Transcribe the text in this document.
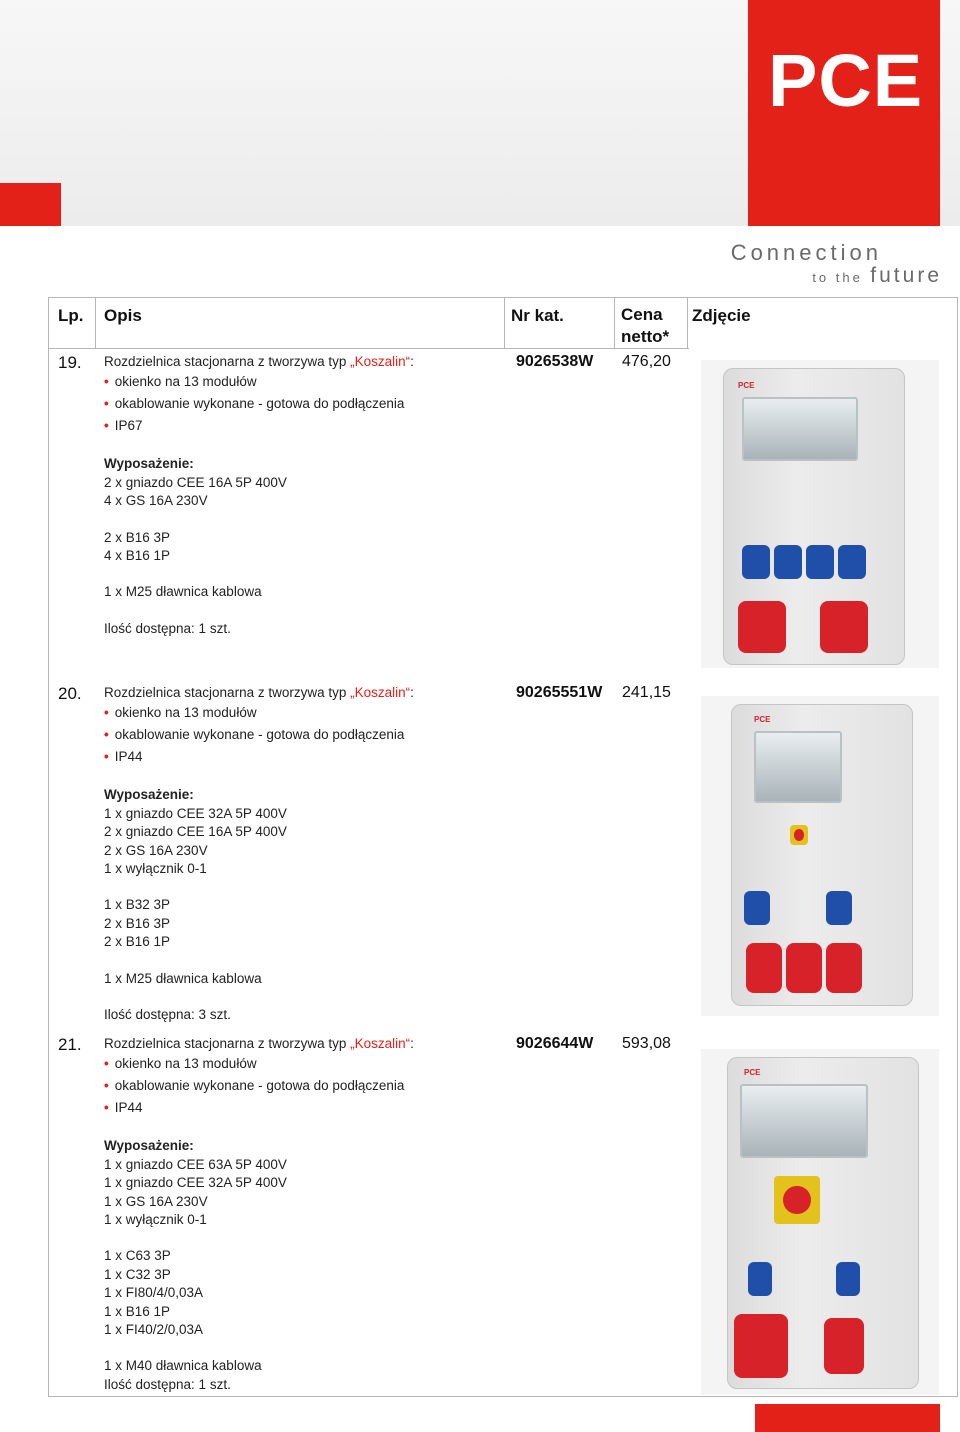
PCE
Connection
to the future
Lp. Opis	Nr kat.	Cena
netto*
Zdjęcie
19. Rozdzielnica stacjonarna z tworzywa typ „Koszalin“:
• okienko na 13 modułów
• okablowanie wykonane - gotowa do podłączenia
• IP67
Wyposażenie:
2 x gniazdo CEE 16A 5P 400V
4 x GS 16A 230V
2 x B16 3P
4 x B16 1P
1 x M25 dławnica kablowa
Ilość dostępna: 1 szt.
9026538W 476,20
PCE
20. Rozdzielnica stacjonarna z tworzywa typ „Koszalin“:
• okienko na 13 modułów
• okablowanie wykonane - gotowa do podłączenia
• IP44
Wyposażenie:
1 x gniazdo CEE 32A 5P 400V
2 x gniazdo CEE 16A 5P 400V
2 x GS 16A 230V
1 x wyłącznik 0-1
1 x B32 3P
2 x B16 3P
2 x B16 1P
1 x M25 dławnica kablowa
Ilość dostępna: 3 szt.
90265551W 241,15
PCE
21. Rozdzielnica stacjonarna z tworzywa typ „Koszalin“:
• okienko na 13 modułów
• okablowanie wykonane - gotowa do podłączenia
• IP44
Wyposażenie:
1 x gniazdo CEE 63A 5P 400V
1 x gniazdo CEE 32A 5P 400V
1 x GS 16A 230V
1 x wyłącznik 0-1
1 x C63 3P
1 x C32 3P
1 x FI80/4/0,03A
1 x B16 1P
1 x FI40/2/0,03A
1 x M40 dławnica kablowa
Ilość dostępna: 1 szt.
9026644W 593,08
PCE
